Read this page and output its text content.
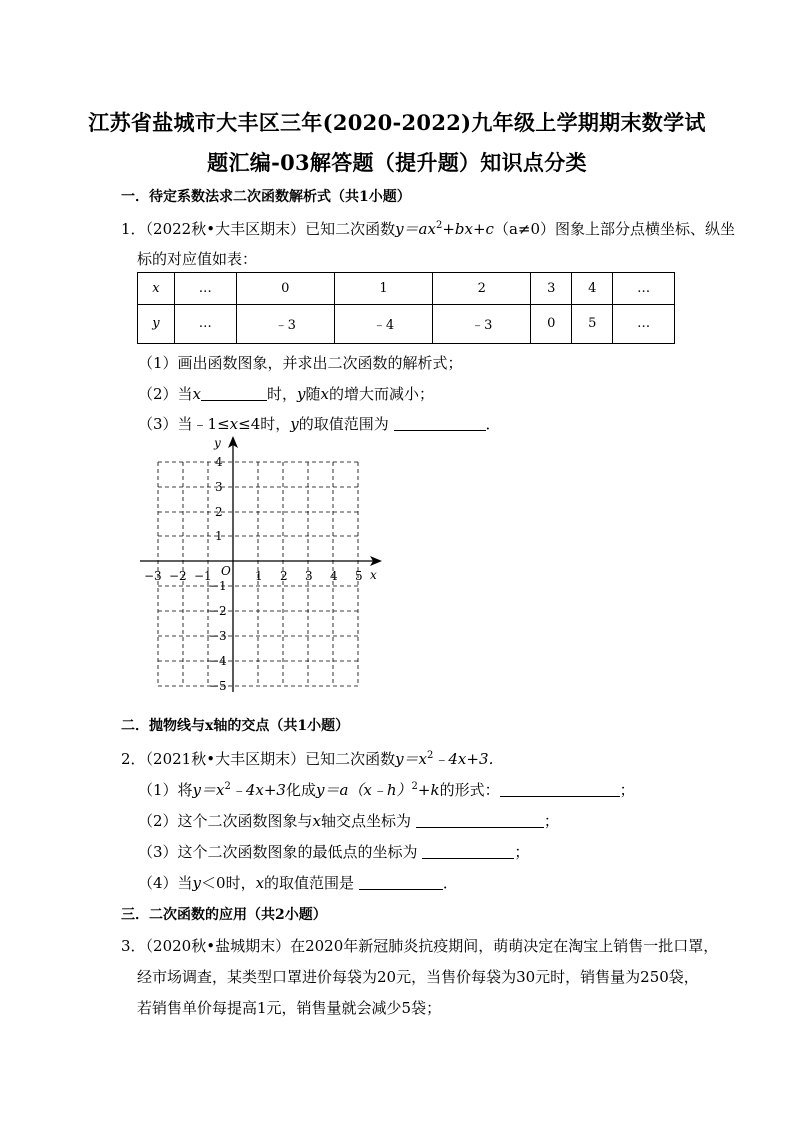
江苏省盐城市大丰区三年(2020-2022)九年级上学期期末数学试
题汇编-03解答题（提升题）知识点分类
一．待定系数法求二次函数解析式（共1小题）
1．（2022秋•大丰区期末）已知二次函数$y=ax^2+bx+c(a\ne 0)$图象上部分点横坐标、纵坐
标的对应值如表：
x	…	0	1	2	3	4	…
y	…	﹣3	﹣4	﹣3	0	5	…
（1）画出函数图象，并求出二次函数的解析式；
（2）当x	时，y随x的增大而减小；
（3）当﹣1≤x≤4时，y的取值范围为	．
x
y
O
−3 −2 −1	1 2 3 4 5
4
3
2
1
−1
−2
−3
−4
−5
二．抛物线与x轴的交点（共1小题）
2．（2021秋•大丰区期末）已知二次函数$y=x^2﹣4x+3$．
（1）将$y=x^2﹣4x+3$化成y＝a（x﹣h）$^2$+k的形式：	；
（2）这个二次函数图象与x轴交点坐标为	；
（3）这个二次函数图象的最低点的坐标为	；
（4）当y＜0时，x的取值范围是	．
三．二次函数的应用（共2小题）
3．（2020秋•盐城期末）在2020年新冠肺炎抗疫期间，萌萌决定在淘宝上销售一批口罩，
经市场调查，某类型口罩进价每袋为20元，当售价每袋为30元时，销售量为250袋，
若销售单价每提高1元，销售量就会减少5袋；
